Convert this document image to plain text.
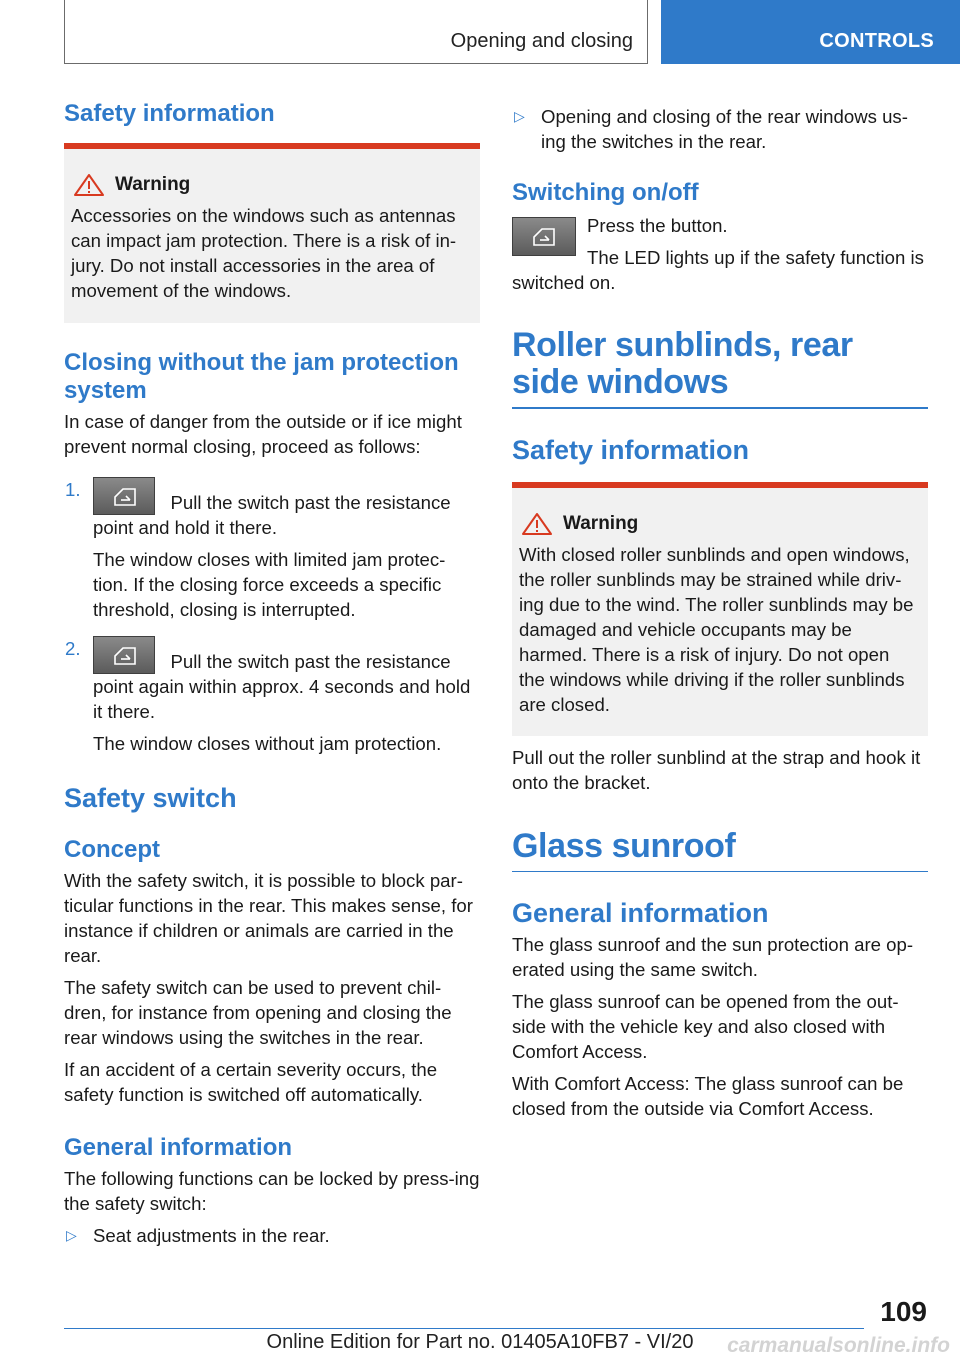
Opening and closing	CONTROLS
Safety information
Warning

Accessories on the windows such as antennas can impact jam protection. There is a risk of in-jury. Do not install accessories in the area of movement of the windows.

Closing without the jam protection system

In case of danger from the outside or if ice might prevent normal closing, proceed as follows:

1.

Pull the switch past the resistance point and hold it there.

The window closes with limited jam protec-tion. If the closing force exceeds a specific threshold, closing is interrupted.

2.

Pull the switch past the resistance point again within approx. 4 seconds and hold it there.

The window closes without jam protection.

Safety switch
Concept

With the safety switch, it is possible to block par-ticular functions in the rear. This makes sense, for instance if children or animals are carried in the rear.

The safety switch can be used to prevent chil-dren, for instance from opening and closing the rear windows using the switches in the rear.

If an accident of a certain severity occurs, the safety function is switched off automatically.

General information

The following functions can be locked by press-ing the safety switch:

▷ Seat adjustments in the rear.

▷ Opening and closing of the rear windows us-ing the switches in the rear.

Switching on/off

Press the button.

The LED lights up if the safety function is switched on.

Roller sunblinds, rear side windows
Safety information
Warning

With closed roller sunblinds and open windows, the roller sunblinds may be strained while driv-ing due to the wind. The roller sunblinds may be damaged and vehicle occupants may be harmed. There is a risk of injury. Do not open the windows while driving if the roller sunblinds are closed.

Pull out the roller sunblind at the strap and hook it onto the bracket.

Glass sunroof
General information

The glass sunroof and the sun protection are op-erated using the same switch.

The glass sunroof can be opened from the out-side with the vehicle key and also closed with Comfort Access.

With Comfort Access: The glass sunroof can be closed from the outside via Comfort Access.

109
Online Edition for Part no. 01405A10FB7 - VI/20	carmanualsonline.info
